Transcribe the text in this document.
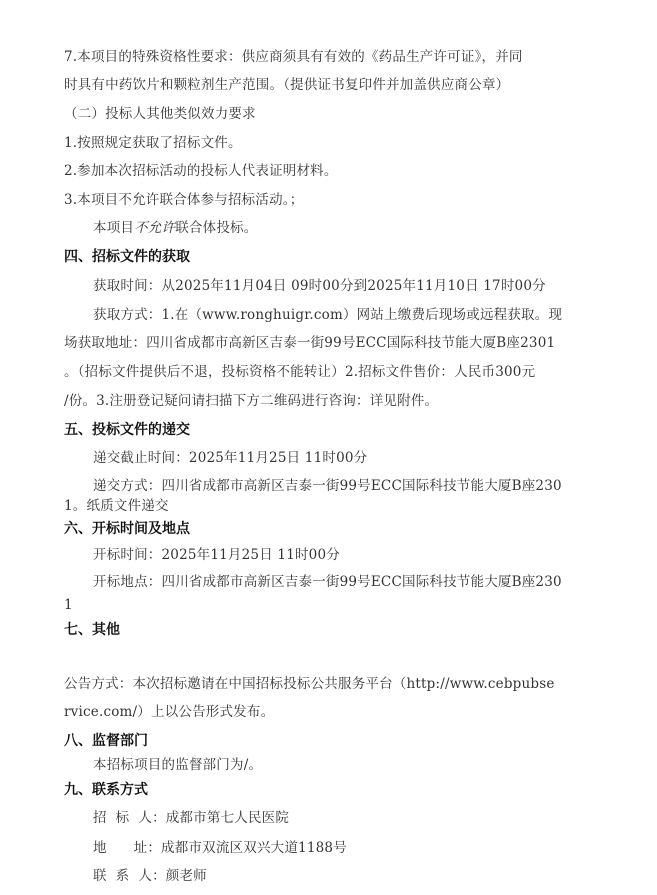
7.本项目的特殊资格性要求：供应商须具有有效的《药品生产许可证》，并同
时具有中药饮片和颗粒剂生产范围。（提供证书复印件并加盖供应商公章）
（二）投标人其他类似效力要求
1.按照规定获取了招标文件。
2.参加本次招标活动的投标人代表证明材料。
3.本项目不允许联合体参与招标活动。；
本项目不允许联合体投标。
四、招标文件的获取
获取时间：从2025年11月04日 09时00分到2025年11月10日 17时00分
获取方式：1.在（www.ronghuigr.com）网站上缴费后现场或远程获取。现
场获取地址：四川省成都市高新区吉泰一街99号ECC国际科技节能大厦B座2301
。（招标文件提供后不退，投标资格不能转让）2.招标文件售价：人民币300元
/份。3.注册登记疑问请扫描下方二维码进行咨询：详见附件。
五、投标文件的递交
递交截止时间：2025年11月25日 11时00分
递交方式：四川省成都市高新区吉泰一街99号ECC国际科技节能大厦B座230
1。纸质文件递交
六、开标时间及地点
开标时间：2025年11月25日 11时00分
开标地点：四川省成都市高新区吉泰一街99号ECC国际科技节能大厦B座230
1
七、其他
公告方式：本次招标邀请在中国招标投标公共服务平台（http://www.cebpubse
rvice.com/）上以公告形式发布。
八、监督部门
本招标项目的监督部门为/。
九、联系方式
招  标  人：成都市第七人民医院
地      址：成都市双流区双兴大道1188号
联  系  人：颜老师
